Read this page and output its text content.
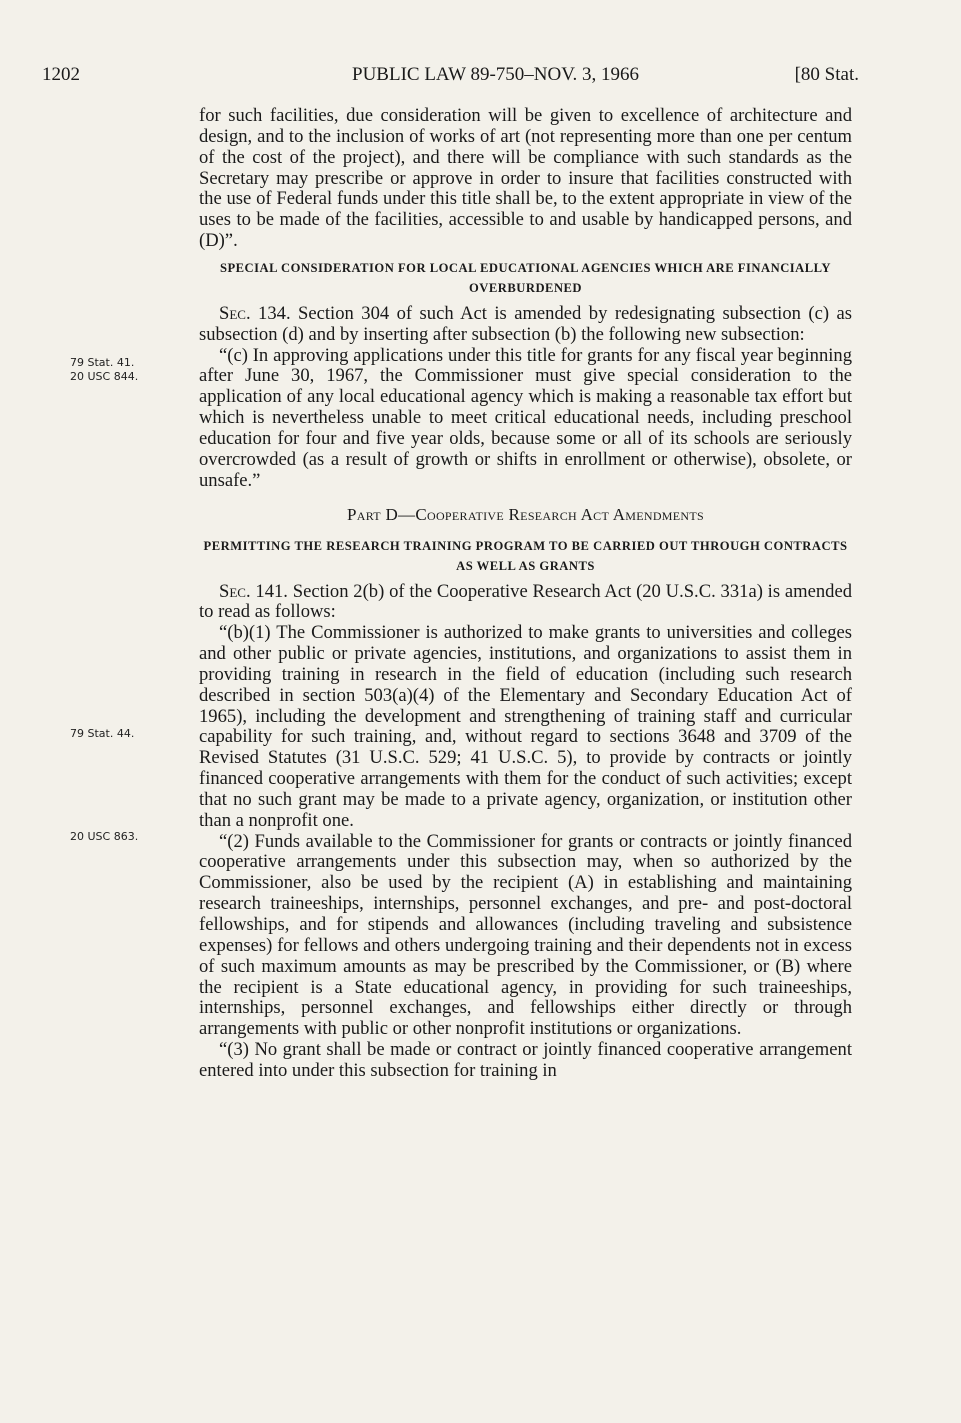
1202	PUBLIC LAW 89-750–NOV. 3, 1966	[80 Stat.
79 Stat. 41.
20 USC 844.
79 Stat. 44.
20 USC 863.

for such facilities, due consideration will be given to excellence of architecture and design, and to the inclusion of works of art (not representing more than one per centum of the cost of the project), and there will be compliance with such standards as the Secretary may prescribe or approve in order to insure that facilities constructed with the use of Federal funds under this title shall be, to the extent appropriate in view of the uses to be made of the facilities, accessible to and usable by handicapped persons, and (D)”.

SPECIAL CONSIDERATION FOR LOCAL EDUCATIONAL AGENCIES WHICH ARE FINANCIALLY OVERBURDENED

Sec. 134. Section 304 of such Act is amended by redesignating subsection (c) as subsection (d) and by inserting after subsection (b) the following new subsection:

“(c) In approving applications under this title for grants for any fiscal year beginning after June 30, 1967, the Commissioner must give special consideration to the application of any local educational agency which is making a reasonable tax effort but which is nevertheless unable to meet critical educational needs, including preschool education for four and five year olds, because some or all of its schools are seriously overcrowded (as a result of growth or shifts in enrollment or otherwise), obsolete, or unsafe.”

Part D—Cooperative Research Act Amendments
PERMITTING THE RESEARCH TRAINING PROGRAM TO BE CARRIED OUT THROUGH CONTRACTS AS WELL AS GRANTS

Sec. 141. Section 2(b) of the Cooperative Research Act (20 U.S.C. 331a) is amended to read as follows:

“(b)(1) The Commissioner is authorized to make grants to universities and colleges and other public or private agencies, institutions, and organizations to assist them in providing training in research in the field of education (including such research described in section 503(a)(4) of the Elementary and Secondary Education Act of 1965), including the development and strengthening of training staff and curricular capability for such training, and, without regard to sections 3648 and 3709 of the Revised Statutes (31 U.S.C. 529; 41 U.S.C. 5), to provide by contracts or jointly financed cooperative arrangements with them for the conduct of such activities; except that no such grant may be made to a private agency, organization, or institution other than a nonprofit one.

“(2) Funds available to the Commissioner for grants or contracts or jointly financed cooperative arrangements under this subsection may, when so authorized by the Commissioner, also be used by the recipient (A) in establishing and maintaining research traineeships, internships, personnel exchanges, and pre- and post-doctoral fellowships, and for stipends and allowances (including traveling and subsistence expenses) for fellows and others undergoing training and their dependents not in excess of such maximum amounts as may be prescribed by the Commissioner, or (B) where the recipient is a State educational agency, in providing for such traineeships, internships, personnel exchanges, and fellowships either directly or through arrangements with public or other nonprofit institutions or organizations.

“(3) No grant shall be made or contract or jointly financed cooperative arrangement entered into under this subsection for training in
